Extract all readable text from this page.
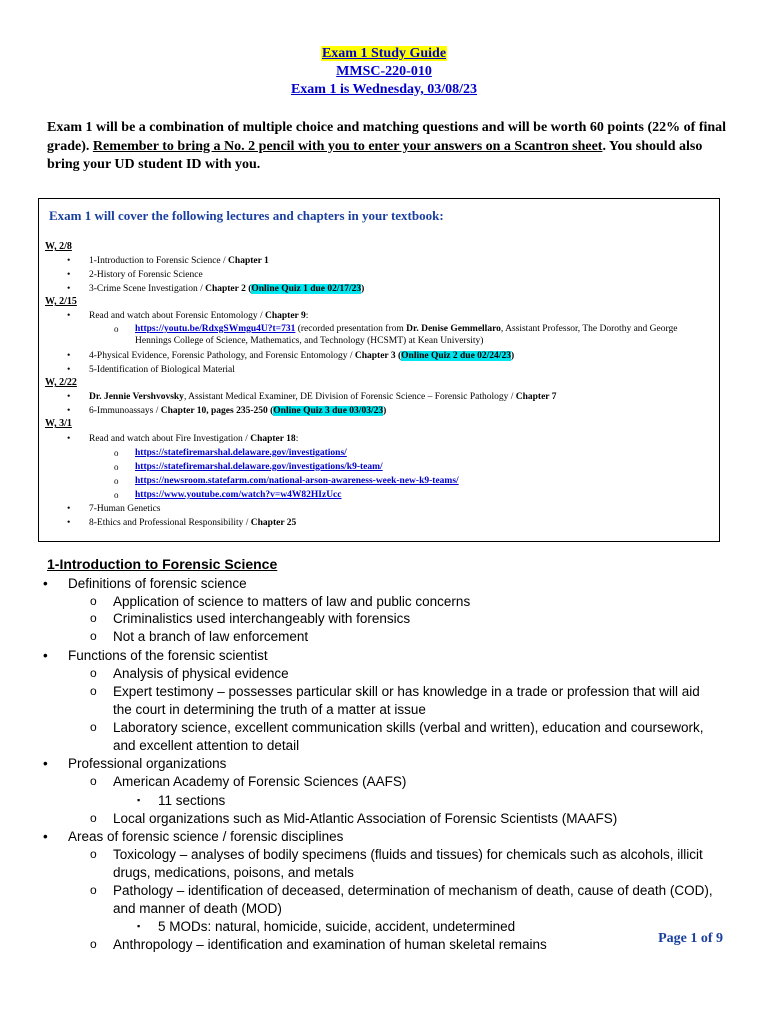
Exam 1 Study Guide
MMSC-220-010
Exam 1 is Wednesday, 03/08/23
Exam 1 will be a combination of multiple choice and matching questions and will be worth 60 points (22% of final grade). Remember to bring a No. 2 pencil with you to enter your answers on a Scantron sheet. You should also bring your UD student ID with you.
Exam 1 will cover the following lectures and chapters in your textbook:
W, 2/8
• 1-Introduction to Forensic Science / Chapter 1
• 2-History of Forensic Science
• 3-Crime Scene Investigation / Chapter 2 (Online Quiz 1 due 02/17/23)
W, 2/15
• Read and watch about Forensic Entomology / Chapter 9:
o https://youtu.be/RdxgSWmgu4U?t=731 (recorded presentation from Dr. Denise Gemmellaro, Assistant Professor, The Dorothy and George Hennings College of Science, Mathematics, and Technology (HCSMT) at Kean University)
• 4-Physical Evidence, Forensic Pathology, and Forensic Entomology / Chapter 3 (Online Quiz 2 due 02/24/23)
• 5-Identification of Biological Material
W, 2/22
• Dr. Jennie Vershvovsky, Assistant Medical Examiner, DE Division of Forensic Science – Forensic Pathology / Chapter 7
• 6-Immunoassays / Chapter 10, pages 235-250 (Online Quiz 3 due 03/03/23)
W, 3/1
• Read and watch about Fire Investigation / Chapter 18:
o https://statefiremarshal.delaware.gov/investigations/
o https://statefiremarshal.delaware.gov/investigations/k9-team/
o https://newsroom.statefarm.com/national-arson-awareness-week-new-k9-teams/
o https://www.youtube.com/watch?v=w4W82HIzUcc
• 7-Human Genetics
• 8-Ethics and Professional Responsibility / Chapter 25
1-Introduction to Forensic Science
• Definitions of forensic science
o Application of science to matters of law and public concerns
o Criminalistics used interchangeably with forensics
o Not a branch of law enforcement
• Functions of the forensic scientist
o Analysis of physical evidence
o Expert testimony – possesses particular skill or has knowledge in a trade or profession that will aid
the court in determining the truth of a matter at issue
o Laboratory science, excellent communication skills (verbal and written), education and coursework,
and excellent attention to detail
• Professional organizations
o American Academy of Forensic Sciences (AAFS)
▪ 11 sections
o Local organizations such as Mid-Atlantic Association of Forensic Scientists (MAAFS)
• Areas of forensic science / forensic disciplines
o Toxicology – analyses of bodily specimens (fluids and tissues) for chemicals such as alcohols, illicit
drugs, medications, poisons, and metals
o Pathology – identification of deceased, determination of mechanism of death, cause of death (COD),
and manner of death (MOD)
▪ 5 MODs: natural, homicide, suicide, accident, undetermined
o Anthropology – identification and examination of human skeletal remains	Page 1 of 9
